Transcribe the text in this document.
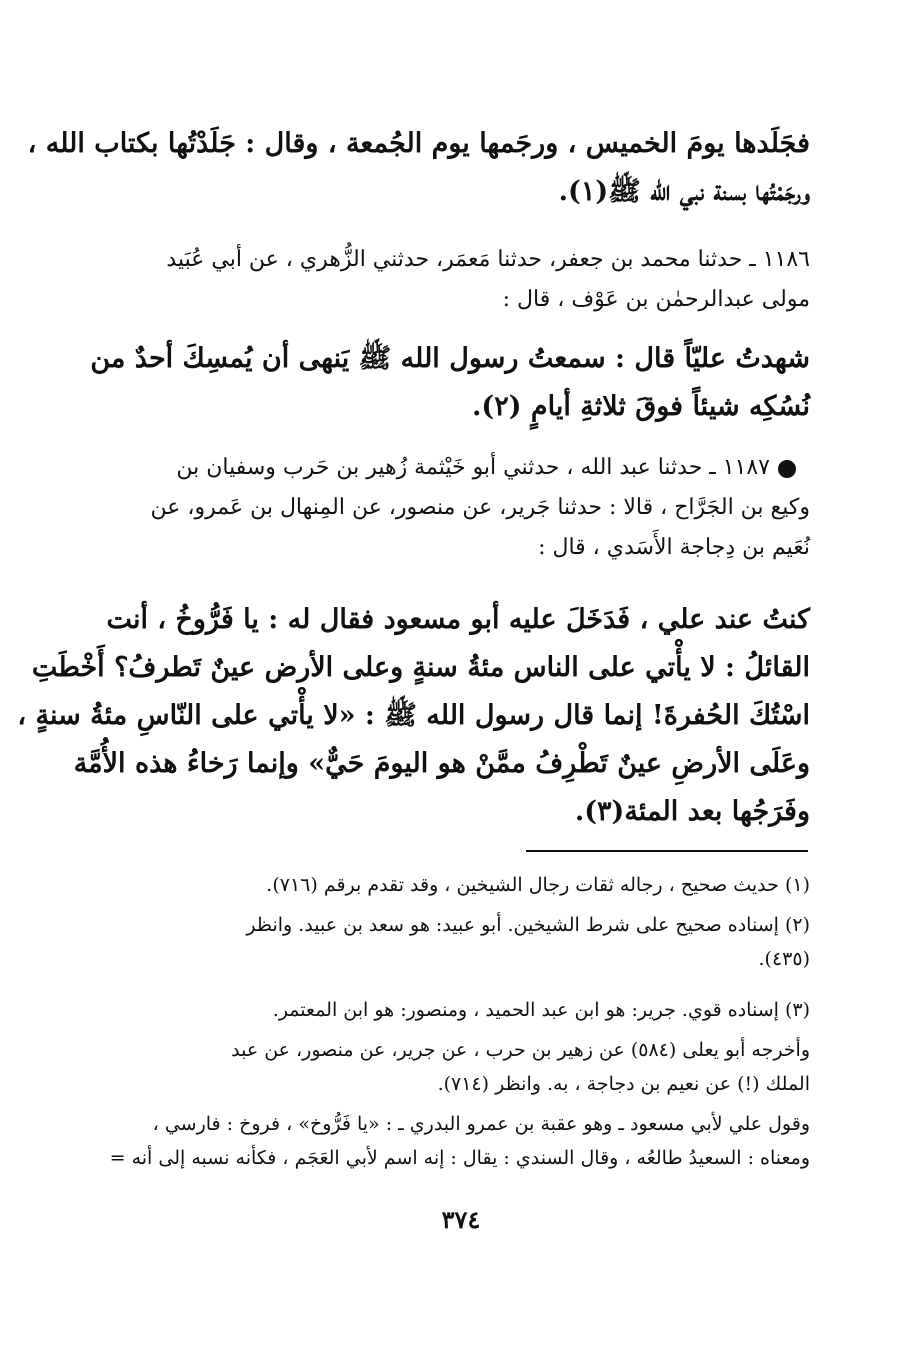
فجَلَدها يومَ الخميس ، ورجَمها يوم الجُمعة ، وقال : جَلَدْتُها بكتاب الله ،
ورجَمْتُها بسنة نبي الله ﷺ(١).
١١٨٦ ـ حدثنا محمد بن جعفر، حدثنا مَعمَر، حدثني الزُّهري ، عن أبي عُبَيد
مولى عبدالرحمٰن بن عَوْف ، قال :
شهدتُ عليّاً قال : سمعتُ رسول الله ﷺ يَنهى أن يُمسِكَ أحدٌ من
نُسُكِه شيئاً فوقَ ثلاثةِ أيامٍ (٢).
١١٨٧ ـ حدثنا عبد الله ، حدثني أبو خَيْثمة زُهير بن حَرب وسفيان بن
وكيع بن الجَرَّاح ، قالا : حدثنا جَرير، عن منصور، عن المِنهال بن عَمرو، عن
نُعَيم بن دِجاجة الأَسَدي ، قال :
كنتُ عند علي ، فَدَخَلَ عليه أبو مسعود فقال له : يا فَرُّوخُ ، أنت
القائلُ : لا يأْتي على الناس مئةُ سنةٍ وعلى الأرض عينٌ تَطرفُ؟ أَخْطَتِ
اسْتُكَ الحُفرةَ! إنما قال رسول الله ﷺ : «لا يأْتي على النّاسِ مئةُ سنةٍ ،
وعَلَى الأرضِ عينٌ تَطْرِفُ ممَّنْ هو اليومَ حَيٌّ» وإنما رَخاءُ هذه الأُمَّة
وفَرَجُها بعد المئة(٣).
(١) حديث صحيح ، رجاله ثقات رجال الشيخين ، وقد تقدم برقم (٧١٦).
(٢) إسناده صحيح على شرط الشيخين. أبو عبيد: هو سعد بن عبيد. وانظر
(٤٣٥).
(٣) إسناده قوي. جرير: هو ابن عبد الحميد ، ومنصور: هو ابن المعتمر.
وأخرجه أبو يعلى (٥٨٤) عن زهير بن حرب ، عن جرير، عن منصور، عن عبد
الملك (!) عن نعيم بن دجاجة ، به. وانظر (٧١٤).
وقول علي لأبي مسعود ـ وهو عقبة بن عمرو البدري ـ : «يا فَرُّوخ» ، فروخ : فارسي ،
ومعناه : السعيدُ طالعُه ، وقال السندي : يقال : إنه اسم لأبي العَجَم ، فكأنه نسبه إلى أنه =
٣٧٤
